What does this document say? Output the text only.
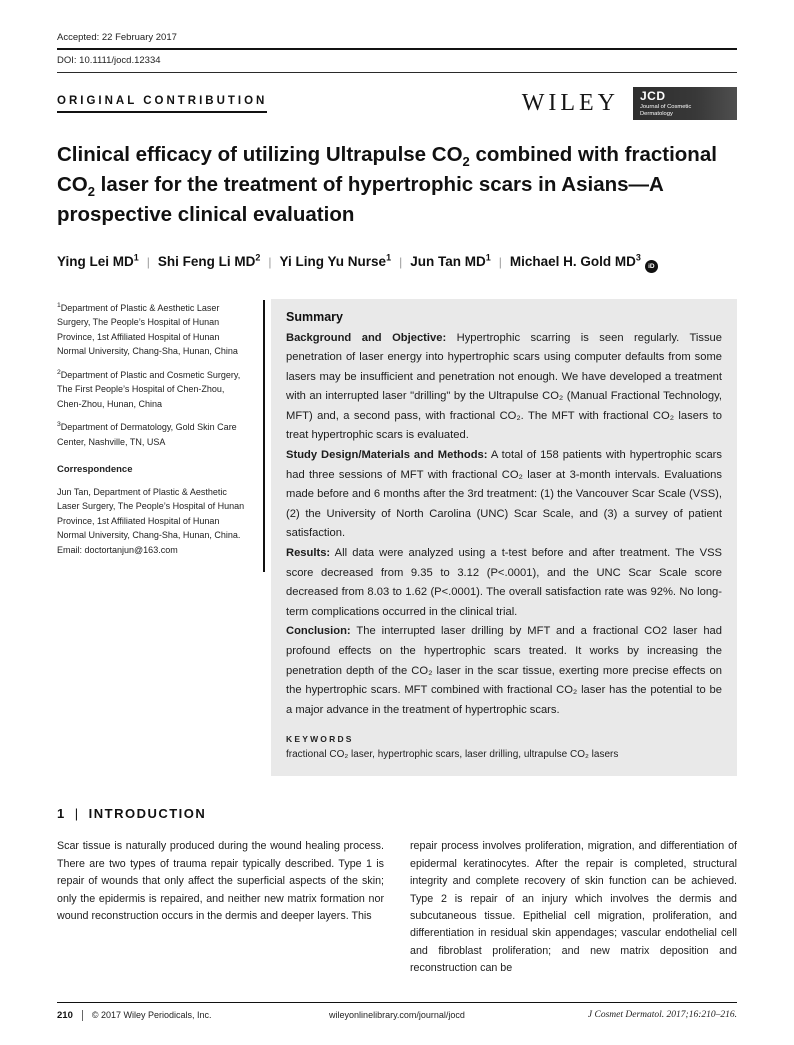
Accepted: 22 February 2017
DOI: 10.1111/jocd.12334
ORIGINAL CONTRIBUTION	WILEY JCD
Journal of Cosmetic Dermatology
Clinical efficacy of utilizing Ultrapulse $CO_2$ combined with fractional $CO_2$ laser for the treatment of hypertrophic scars in Asians—A prospective clinical evaluation
Ying Lei $MD^1$ | Shi Feng Li $MD^2$ | Yi Ling Yu Nurse$^1$ | Jun Tan $MD^1$ | Michael H. Gold $MD^3iD$

$^1$Department of Plastic & Aesthetic Laser Surgery, The People’s Hospital of Hunan Province, 1st Affiliated Hospital of Hunan Normal University, Chang-Sha, Hunan, China

$^2$Department of Plastic and Cosmetic Surgery, The First People’s Hospital of Chen-Zhou, Chen-Zhou, Hunan, China

$^3$Department of Dermatology, Gold Skin Care Center, Nashville, TN, USA

Correspondence

Jun Tan, Department of Plastic & Aesthetic Laser Surgery, The People’s Hospital of Hunan Province, 1st Affiliated Hospital of Hunan Normal University, Chang-Sha, Hunan, China.

Email: doctortanjun@163.com

Summary

Background and Objective: Hypertrophic scarring is seen regularly. Tissue penetration of laser energy into hypertrophic scars using computer defaults from some lasers may be insufficient and penetration not enough. We have developed a treatment with an interrupted laser "drilling" by the Ultrapulse CO₂ (Manual Fractional Technology, MFT) and, a second pass, with fractional CO₂. The MFT with fractional CO₂ lasers to treat hypertrophic scars is evaluated.

Study Design/Materials and Methods: A total of 158 patients with hypertrophic scars had three sessions of MFT with fractional CO₂ laser at 3-month intervals. Evaluations made before and 6 months after the 3rd treatment: (1) the Vancouver Scar Scale (VSS), (2) the University of North Carolina (UNC) Scar Scale, and (3) a survey of patient satisfaction.

Results: All data were analyzed using a t-test before and after treatment. The VSS score decreased from 9.35 to 3.12 (P<.0001), and the UNC Scar Scale score decreased from 8.03 to 1.62 (P<.0001). The overall satisfaction rate was 92%. No long-term complications occurred in the clinical trial.

Conclusion: The interrupted laser drilling by MFT and a fractional CO2 laser had profound effects on the hypertrophic scars treated. It works by increasing the penetration depth of the CO₂ laser in the scar tissue, exerting more precise effects on the hypertrophic scars. MFT combined with fractional CO₂ laser has the potential to be a major advance in the treatment of hypertrophic scars.

KEYWORDS
fractional CO₂ laser, hypertrophic scars, laser drilling, ultrapulse CO₂ lasers
1 | INTRODUCTION

Scar tissue is naturally produced during the wound healing process. There are two types of trauma repair typically described. Type 1 is repair of wounds that only affect the superficial aspects of the skin; only the epidermis is repaired, and neither new matrix formation nor wound reconstruction occurs in the dermis and deeper layers. This

repair process involves proliferation, migration, and differentiation of epidermal keratinocytes. After the repair is completed, structural integrity and complete recovery of skin function can be achieved. Type 2 is repair of an injury which involves the dermis and subcutaneous tissue. Epithelial cell migration, proliferation, and differentiation in residual skin appendages; vascular endothelial cell and fibroblast proliferation; and new matrix deposition and reconstruction can be

210 © 2017 Wiley Periodicals, Inc.	wileyonlinelibrary.com/journal/jocd	J Cosmet Dermatol. 2017;16:210–216.
